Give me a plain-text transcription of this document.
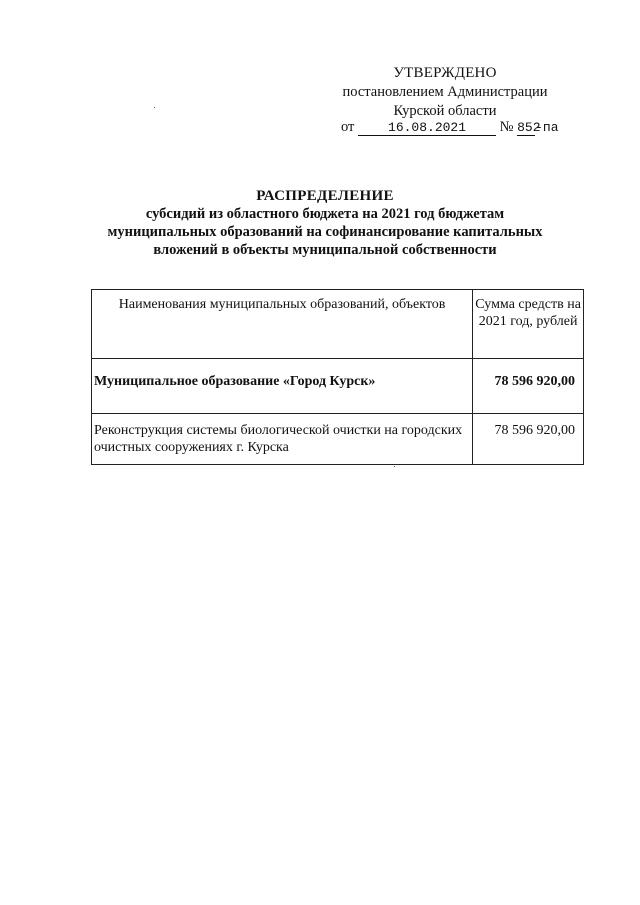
УТВЕРЖДЕНО
постановлением Администрации
Курской области
от	16.08.2021 № 852-па
РАСПРЕДЕЛЕНИЕ
субсидий из областного бюджета на 2021 год бюджетам
муниципальных образований на софинансирование капитальных
вложений в объекты муниципальной собственности
Наименования муниципальных образований, объектов	Сумма средств на 2021 год, рублей
Муниципальное образование «Город Курск»	78 596 920,00
Реконструкция системы биологической очистки на городских очистных сооружениях г. Курска	78 596 920,00
